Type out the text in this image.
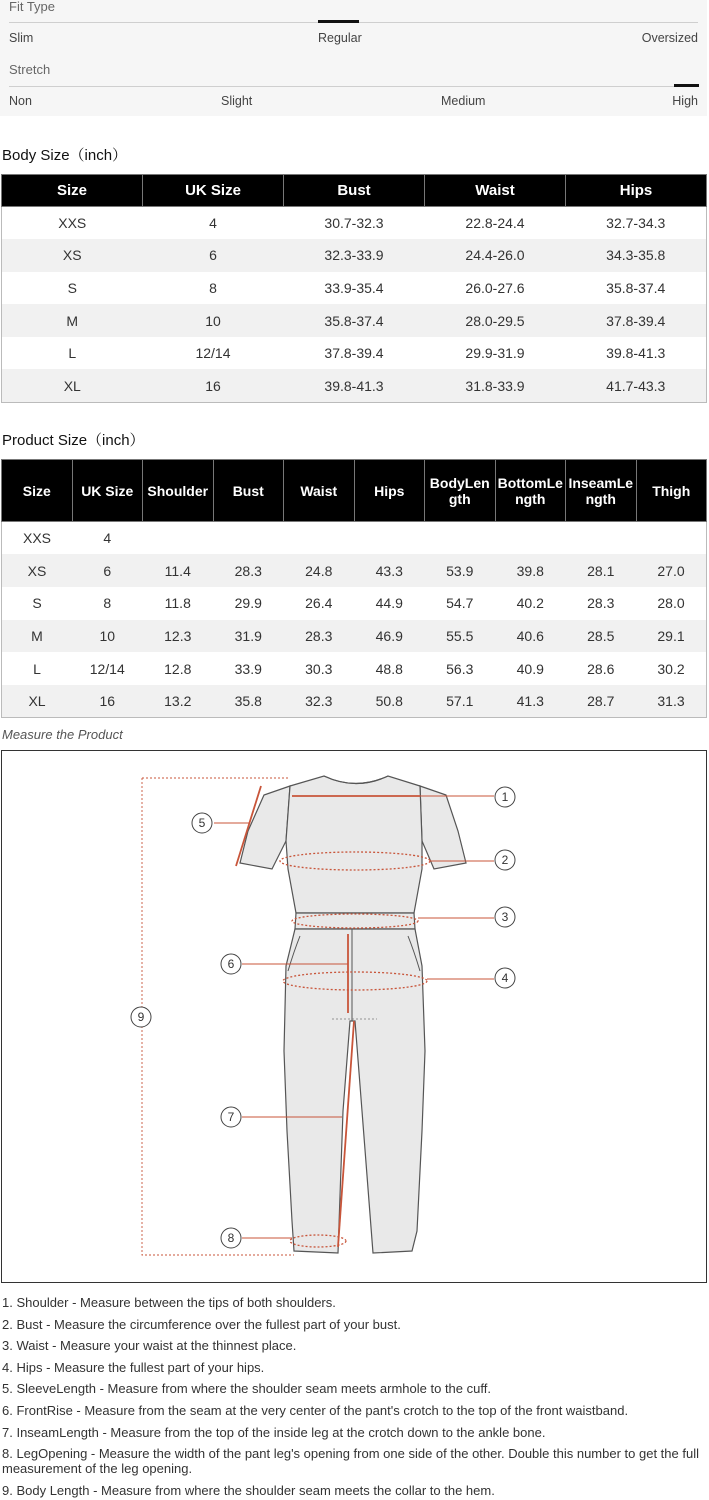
Fit Type
Slim	Regular	Oversized
Stretch
Non	Slight	Medium	High
Body Size（inch）
Size	UK Size	Bust	Waist	Hips
XXS	4	30.7-32.3	22.8-24.4	32.7-34.3
XS	6	32.3-33.9	24.4-26.0	34.3-35.8
S	8	33.9-35.4	26.0-27.6	35.8-37.4
M	10	35.8-37.4	28.0-29.5	37.8-39.4
L	12/14	37.8-39.4	29.9-31.9	39.8-41.3
XL	16	39.8-41.3	31.8-33.9	41.7-43.3
Product Size（inch）
Size	UK Size	Shoulder	Bust	Waist	Hips	BodyLength	BottomLength	InseamLength	Thigh
XXS	4								
XS	6	11.4	28.3	24.8	43.3	53.9	39.8	28.1	27.0
S	8	11.8	29.9	26.4	44.9	54.7	40.2	28.3	28.0
M	10	12.3	31.9	28.3	46.9	55.5	40.6	28.5	29.1
L	12/14	12.8	33.9	30.3	48.8	56.3	40.9	28.6	30.2
XL	16	13.2	35.8	32.3	50.8	57.1	41.3	28.7	31.3
Measure the Product
1
2
3
4
5
6
7
8
9
1. Shoulder - Measure between the tips of both shoulders.
2. Bust - Measure the circumference over the fullest part of your bust.
3. Waist - Measure your waist at the thinnest place.
4. Hips - Measure the fullest part of your hips.
5. SleeveLength - Measure from where the shoulder seam meets armhole to the cuff.
6. FrontRise - Measure from the seam at the very center of the pant's crotch to the top of the front waistband.
7. InseamLength - Measure from the top of the inside leg at the crotch down to the ankle bone.
8. LegOpening - Measure the width of the pant leg's opening from one side of the other. Double this number to get the full measurement of the leg opening.
9. Body Length - Measure from where the shoulder seam meets the collar to the hem.
